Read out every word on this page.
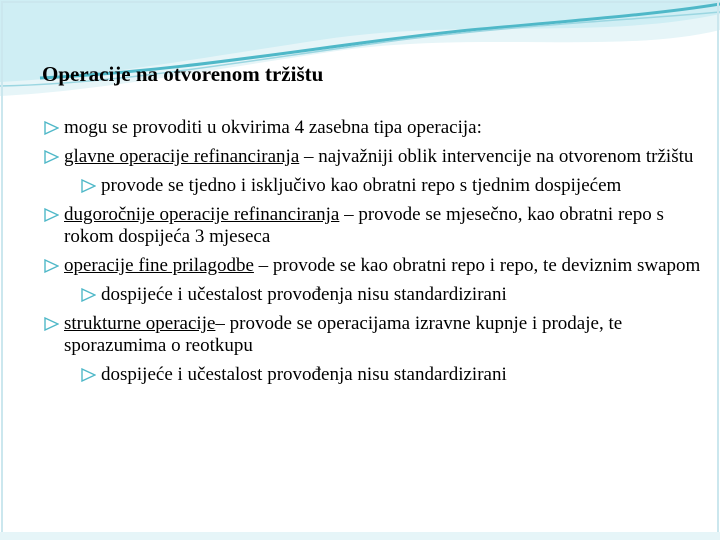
Operacije na otvorenom tržištu
mogu se provoditi u okvirima 4 zasebna tipa operacija:
glavne operacije refinanciranja – najvažniji oblik intervencije na otvorenom tržištu
provode se tjedno i isključivo kao obratni repo s tjednim dospijećem
dugoročnije operacije refinanciranja – provode se mjesečno, kao obratni repo s rokom dospijeća 3 mjeseca
operacije fine prilagodbe – provode se kao obratni repo i repo, te deviznim swapom
dospijeće i učestalost provođenja nisu standardizirani
strukturne operacije– provode se operacijama izravne kupnje i prodaje, te sporazumima o reotkupu
dospijeće i učestalost provođenja nisu standardizirani
